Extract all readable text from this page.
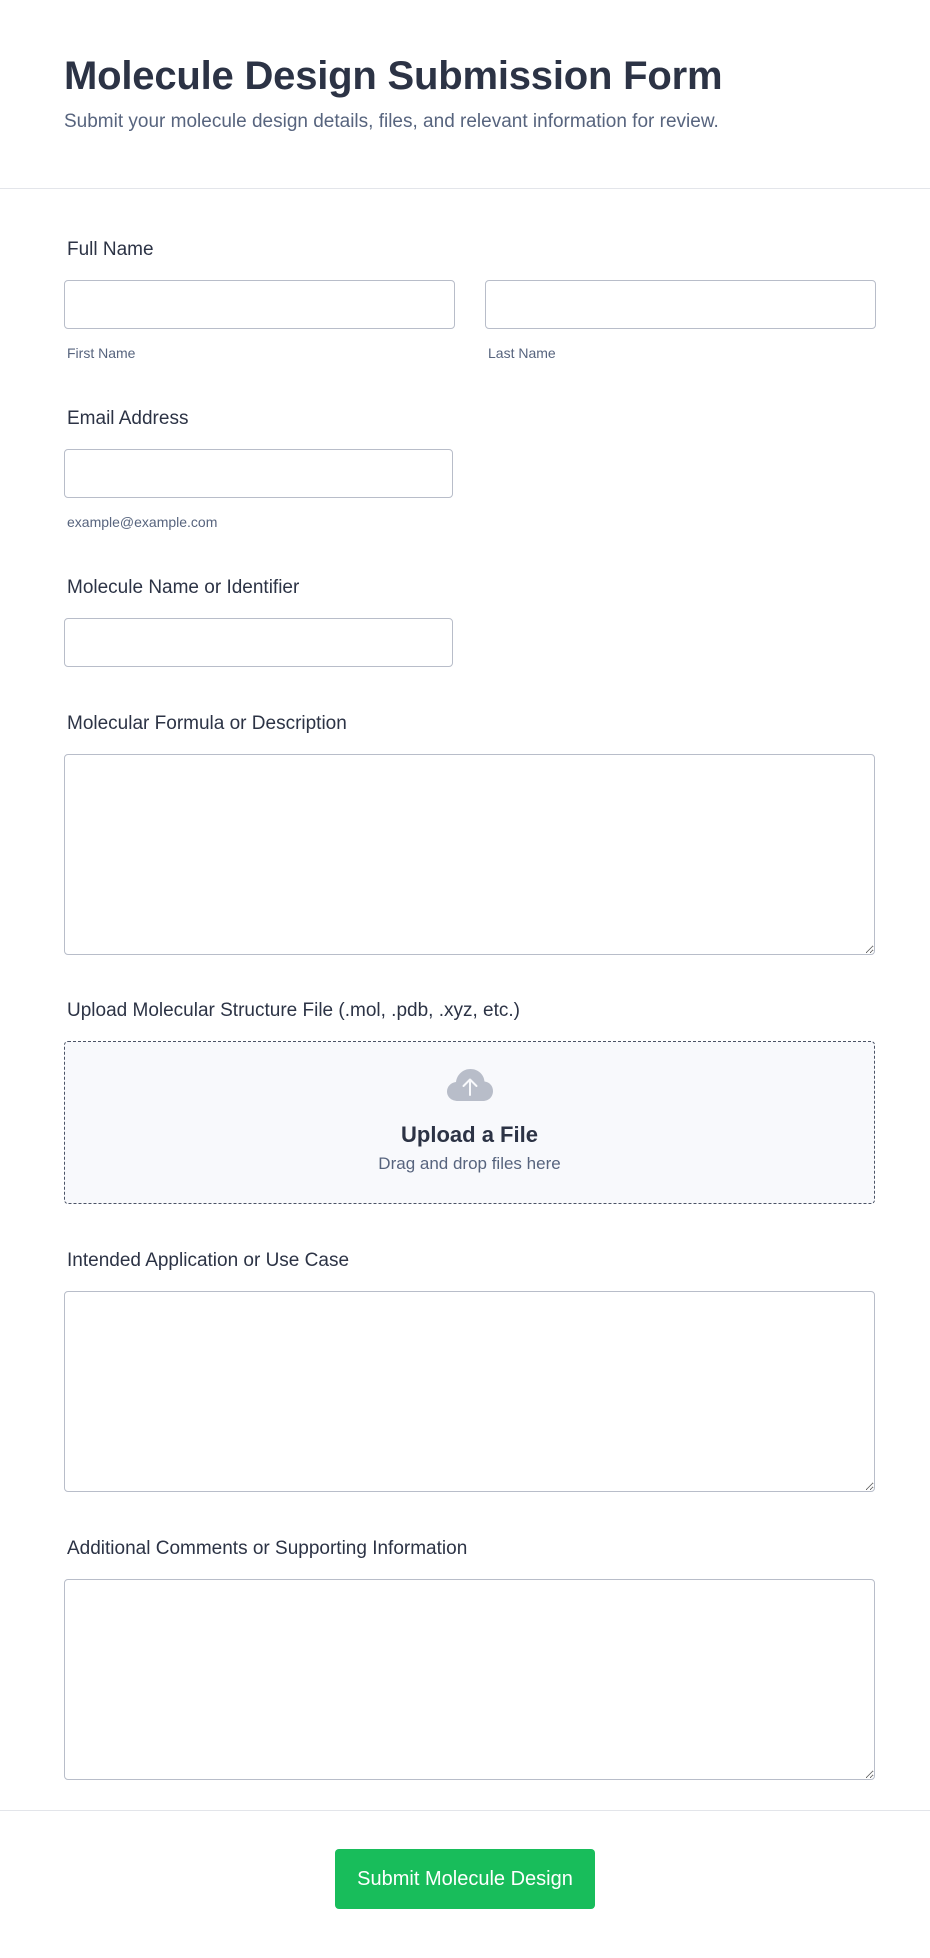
Molecule Design Submission Form

Submit your molecule design details, files, and relevant information for review.

Full Name
First Name	Last Name
Email Address
example@example.com
Molecule Name or Identifier
Molecular Formula or Description
Upload Molecular Structure File (.mol, .pdb, .xyz, etc.)
Upload a File
Drag and drop files here
Intended Application or Use Case
Additional Comments or Supporting Information
Submit Molecule Design
